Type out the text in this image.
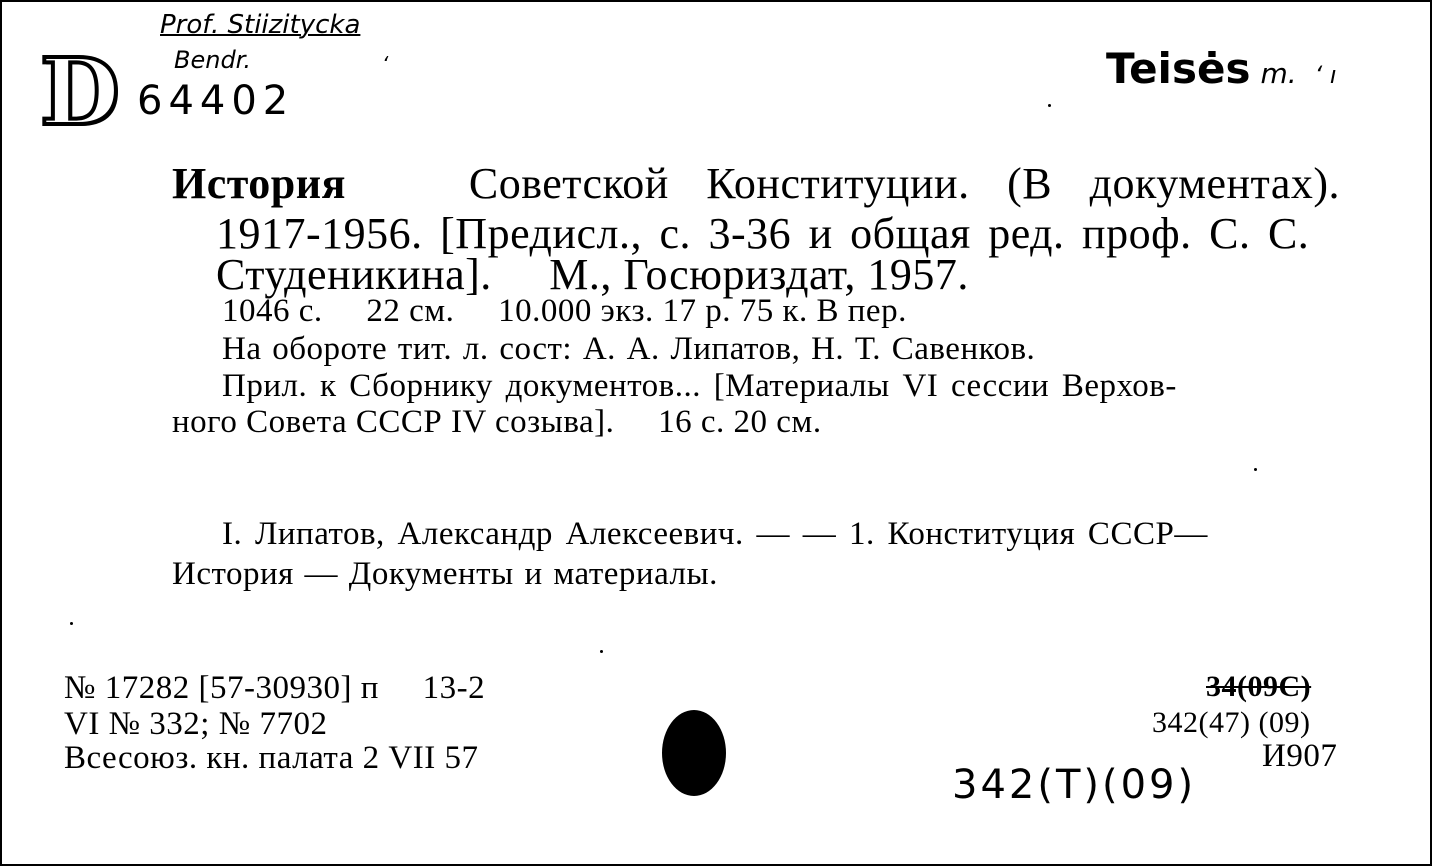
Prof. Stiizitycka
Bendr.	‘
64402
D	Teisės m. ‘ ı
История	Советской Конституции. (В документах).
1917-1956. [Предисл., с. 3-36 и общая ред. проф. С. С.
Студеникина].     М., Госюриздат, 1957.
1046 с.     22 см.     10.000 экз. 17 р. 75 к. В пер.
На обороте тит. л. сост: А. А. Липатов, Н. Т. Савенков.
Прил. к Сборнику документов... [Материалы VI сессии Верхов-
ного Совета СССР IV созыва].     16 с. 20 см.
I. Липатов, Александр Алексеевич. — — 1. Конституция СССР—
История — Документы и материалы.
№ 17282 [57-30930] п     13-2
VI № 332; № 7702
Всесоюз. кн. палата 2 VII 57
34(09С)
342(47) (09)
И907
342(Т)(09)
